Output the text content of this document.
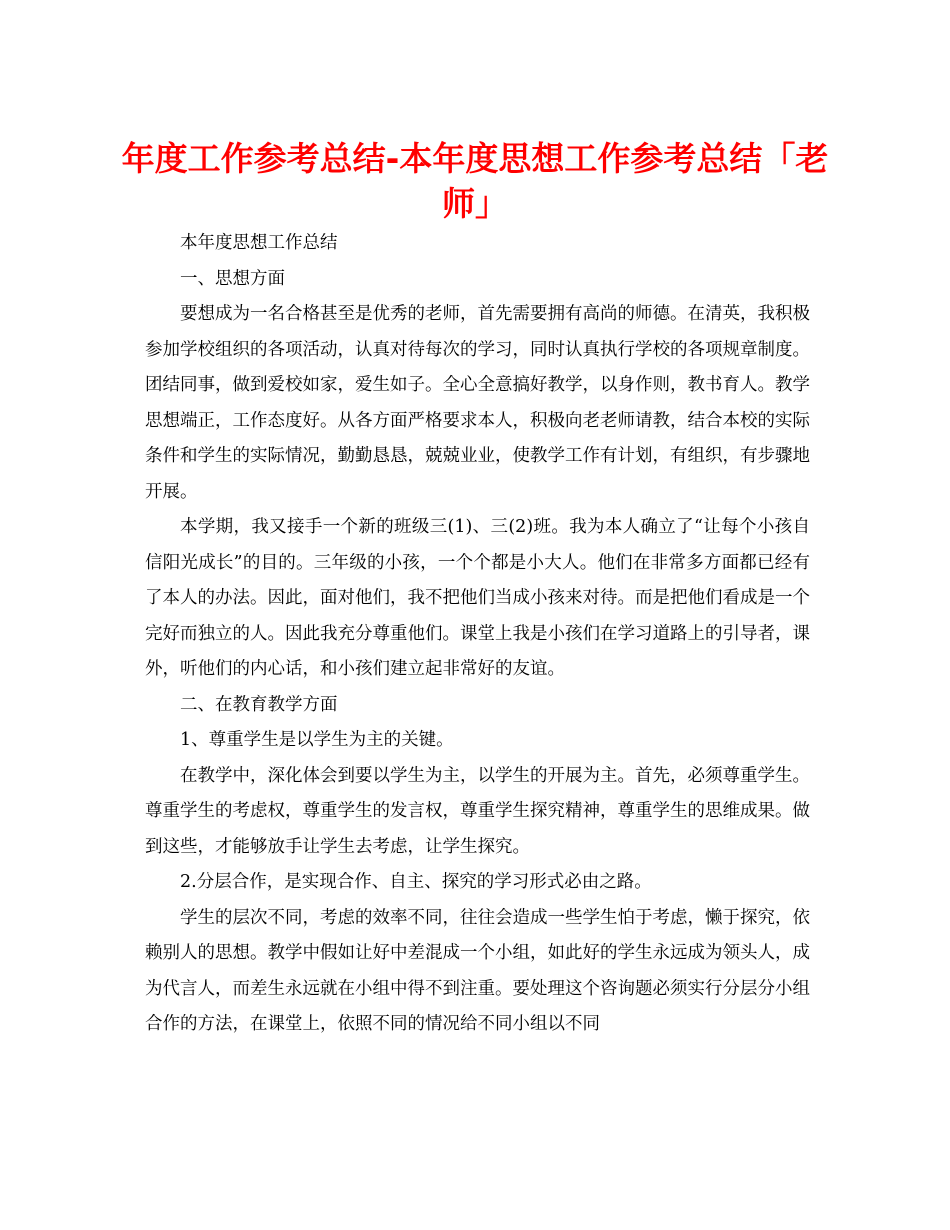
年度工作参考总结-本年度思想工作参考总结「老师」

本年度思想工作总结

一、思想方面

要想成为一名合格甚至是优秀的老师，首先需要拥有高尚的师德。在清英，我积极参加学校组织的各项活动，认真对待每次的学习，同时认真执行学校的各项规章制度。团结同事，做到爱校如家，爱生如子。全心全意搞好教学，以身作则，教书育人。教学思想端正，工作态度好。从各方面严格要求本人，积极向老老师请教，结合本校的实际条件和学生的实际情况，勤勤恳恳，兢兢业业，使教学工作有计划，有组织，有步骤地开展。

本学期，我又接手一个新的班级三(1)、三(2)班。我为本人确立了“让每个小孩自信阳光成长”的目的。三年级的小孩，一个个都是小大人。他们在非常多方面都已经有了本人的办法。因此，面对他们，我不把他们当成小孩来对待。而是把他们看成是一个完好而独立的人。因此我充分尊重他们。课堂上我是小孩们在学习道路上的引导者，课外，听他们的内心话，和小孩们建立起非常好的友谊。

二、在教育教学方面

1、尊重学生是以学生为主的关键。

在教学中，深化体会到要以学生为主，以学生的开展为主。首先，必须尊重学生。尊重学生的考虑权，尊重学生的发言权，尊重学生探究精神，尊重学生的思维成果。做到这些，才能够放手让学生去考虑，让学生探究。

2.分层合作，是实现合作、自主、探究的学习形式必由之路。

学生的层次不同，考虑的效率不同，往往会造成一些学生怕于考虑，懒于探究，依赖别人的思想。教学中假如让好中差混成一个小组，如此好的学生永远成为领头人，成为代言人，而差生永远就在小组中得不到注重。要处理这个咨询题必须实行分层分小组合作的方法，在课堂上，依照不同的情况给不同小组以不同
